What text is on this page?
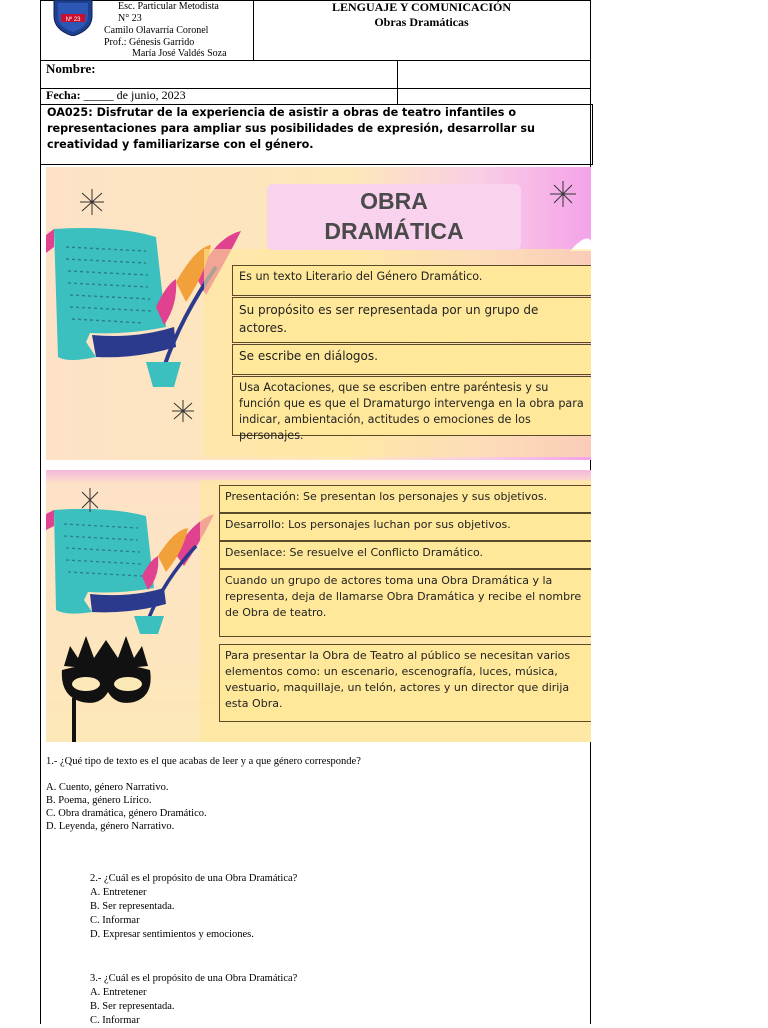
Nº 23
Esc. Particular Metodista
N° 23
Camilo Olavarría Coronel
Prof.: Génesis Garrido
María José Valdés Soza
LENGUAJE Y COMUNICACIÓN
Obras Dramáticas
Nombre:
Fecha: _____ de junio, 2023
OA025: Disfrutar de la experiencia de asistir a obras de teatro infantiles o representaciones para ampliar sus posibilidades de expresión, desarrollar su creatividad y familiarizarse con el género.
OBRA
DRAMÁTICA
Es un texto Literario del Género Dramático.
Su propósito es ser representada por un grupo de actores.
Se escribe en diálogos.
Usa Acotaciones, que se escriben entre paréntesis y su función que es que el Dramaturgo intervenga en la obra para indicar, ambientación, actitudes o emociones de los personajes.
Presentación: Se presentan los personajes y sus objetivos.
Desarrollo: Los personajes luchan por sus objetivos.
Desenlace: Se resuelve el Conflicto Dramático.
Cuando un grupo de actores toma una Obra Dramática y la representa, deja de llamarse Obra Dramática y recibe el nombre de Obra de teatro.
Para presentar la Obra de Teatro al público se necesitan varios elementos como: un escenario, escenografía, luces, música, vestuario, maquillaje, un telón, actores y un director que dirija esta Obra.
1.- ¿Qué tipo de texto es el que acabas de leer y a que género corresponde?
A. Cuento, género Narrativo.
B. Poema, género Lírico.
C. Obra dramática, género Dramático.
D. Leyenda, género Narrativo.
2.- ¿Cuál es el propósito de una Obra Dramática?
A. Entretener
B. Ser representada.
C. Informar
D. Expresar sentimientos y emociones.
3.- ¿Cuál es el propósito de una Obra Dramática?
A. Entretener
B. Ser representada.
C. Informar
